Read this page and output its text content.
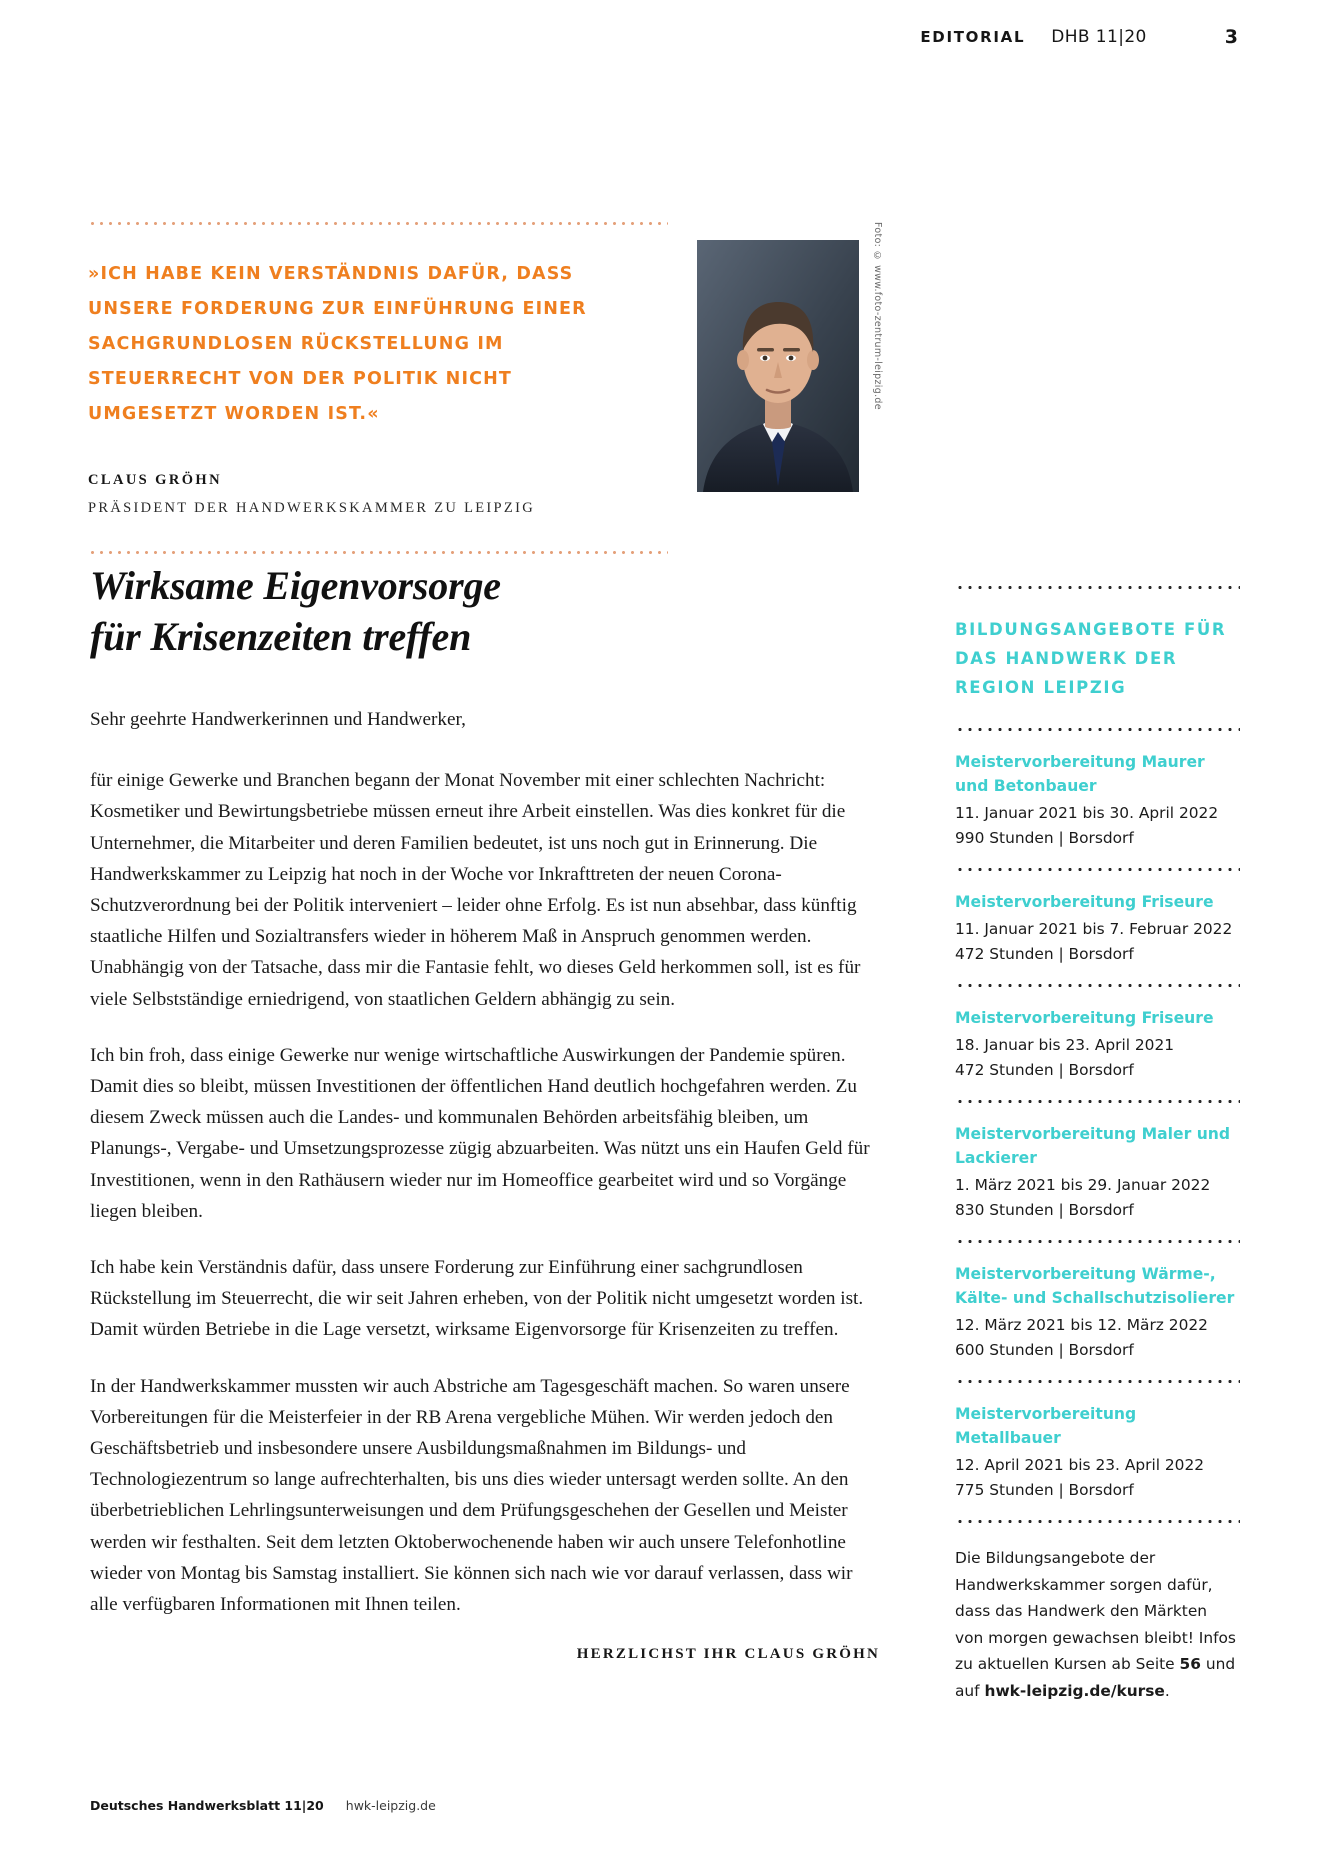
EDITORIAL DHB 11|20	3

»ICH HABE KEIN VERSTÄNDNIS DAFÜR, DASS UNSERE FORDERUNG ZUR EINFÜHRUNG EINER SACHGRUNDLOSEN RÜCKSTELLUNG IM STEUERRECHT VON DER POLITIK NICHT UMGESETZT WORDEN IST.«

CLAUS GRÖHN

PRÄSIDENT DER HANDWERKSKAMMER ZU LEIPZIG

Foto: © www.foto-zentrum-leipzig.de
Wirksame Eigenvorsorge
für Krisenzeiten treffen

Sehr geehrte Handwerkerinnen und Handwerker,

für einige Gewerke und Branchen begann der Monat November mit einer schlechten Nachricht: Kosmetiker und Bewirtungsbetriebe müssen erneut ihre Arbeit einstellen. Was dies konkret für die Unternehmer, die Mitarbeiter und deren Familien bedeutet, ist uns noch gut in Erinnerung. Die Handwerkskammer zu Leipzig hat noch in der Woche vor Inkrafttreten der neuen Corona-Schutzverordnung bei der Politik interveniert – leider ohne Erfolg. Es ist nun absehbar, dass künftig staatliche Hilfen und Sozialtransfers wieder in höherem Maß in Anspruch genommen werden. Unabhängig von der Tatsache, dass mir die Fantasie fehlt, wo dieses Geld herkommen soll, ist es für viele Selbstständige erniedrigend, von staatlichen Geldern abhängig zu sein.

Ich bin froh, dass einige Gewerke nur wenige wirtschaftliche Auswirkungen der Pandemie spüren. Damit dies so bleibt, müssen Investitionen der öffentlichen Hand deutlich hochgefahren werden. Zu diesem Zweck müssen auch die Landes- und kommunalen Behörden arbeitsfähig bleiben, um Planungs-, Vergabe- und Umsetzungsprozesse zügig abzuarbeiten. Was nützt uns ein Haufen Geld für Investitionen, wenn in den Rathäusern wieder nur im Homeoffice gearbeitet wird und so Vorgänge liegen bleiben.

Ich habe kein Verständnis dafür, dass unsere Forderung zur Einführung einer sachgrundlosen Rückstellung im Steuerrecht, die wir seit Jahren erheben, von der Politik nicht umgesetzt worden ist. Damit würden Betriebe in die Lage versetzt, wirksame Eigenvorsorge für Krisenzeiten zu treffen.

In der Handwerkskammer mussten wir auch Abstriche am Tagesgeschäft machen. So waren unsere Vorbereitungen für die Meisterfeier in der RB Arena vergebliche Mühen. Wir werden jedoch den Geschäftsbetrieb und insbesondere unsere Ausbildungsmaßnahmen im Bildungs- und Technologiezentrum so lange aufrechterhalten, bis uns dies wieder untersagt werden sollte. An den überbetrieblichen Lehrlingsunterweisungen und dem Prüfungsgeschehen der Gesellen und Meister werden wir festhalten. Seit dem letzten Oktoberwochenende haben wir auch unsere Telefonhotline wieder von Montag bis Samstag installiert. Sie können sich nach wie vor darauf verlassen, dass wir alle verfügbaren Informationen mit Ihnen teilen.

HERZLICHST IHR CLAUS GRÖHN

BILDUNGSANGEBOTE FÜR DAS HANDWERK DER REGION LEIPZIG

Meistervorbereitung Maurer und Betonbauer

11. Januar 2021 bis 30. April 2022

990 Stunden | Borsdorf

Meistervorbereitung Friseure

11. Januar 2021 bis 7. Februar 2022

472 Stunden | Borsdorf

Meistervorbereitung Friseure

18. Januar bis 23. April 2021

472 Stunden | Borsdorf

Meistervorbereitung Maler und Lackierer

1. März 2021 bis 29. Januar 2022

830 Stunden | Borsdorf

Meistervorbereitung Wärme-, Kälte- und Schallschutzisolierer

12. März 2021 bis 12. März 2022

600 Stunden | Borsdorf

Meistervorbereitung Metallbauer

12. April 2021 bis 23. April 2022

775 Stunden | Borsdorf

Die Bildungsangebote der Handwerkskammer sorgen dafür, dass das Handwerk den Märkten von morgen gewachsen bleibt! Infos zu aktuellen Kursen ab Seite 56 und auf hwk-leipzig.de/kurse.

Deutsches Handwerksblatt 11|20 hwk-leipzig.de
